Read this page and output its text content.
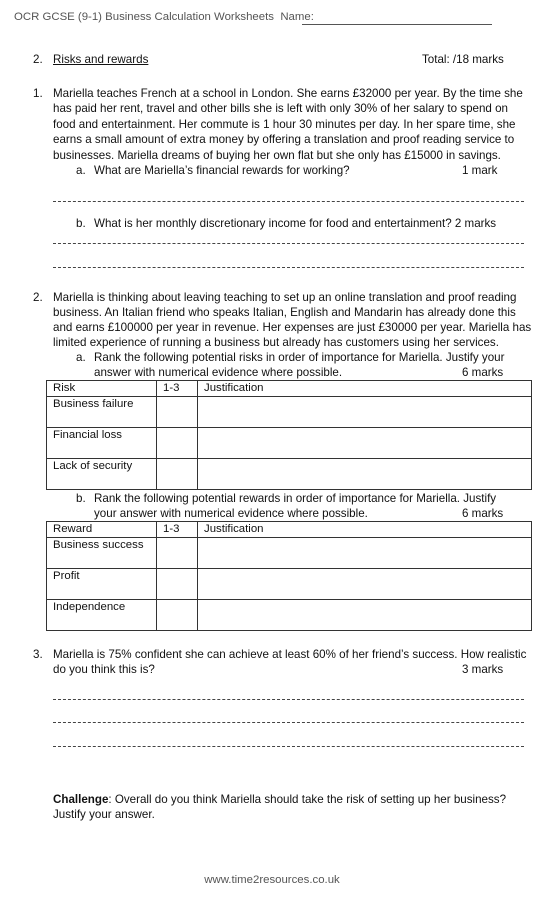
OCR GCSE (9-1) Business Calculation Worksheets Name:
2. Risks and rewards	Total: /18 marks
1. Mariella teaches French at a school in London. She earns £32000 per year. By the time she
has paid her rent, travel and other bills she is left with only 30% of her salary to spend on
food and entertainment. Her commute is 1 hour 30 minutes per day. In her spare time, she
earns a small amount of extra money by offering a translation and proof reading service to
businesses. Mariella dreams of buying her own flat but she only has £15000 in savings.
a. What are Mariella’s financial rewards for working?	1 mark
b. What is her monthly discretionary income for food and entertainment? 2 marks
2. Mariella is thinking about leaving teaching to set up an online translation and proof reading
business. An Italian friend who speaks Italian, English and Mandarin has already done this
and earns £100000 per year in revenue. Her expenses are just £30000 per year. Mariella has
limited experience of running a business but already has customers using her services.
a. Rank the following potential risks in order of importance for Mariella. Justify your
answer with numerical evidence where possible.	6 marks
Risk	1-3	Justification
Business failure		
Financial loss		
Lack of security		
b. Rank the following potential rewards in order of importance for Mariella. Justify
your answer with numerical evidence where possible.	6 marks
Reward	1-3	Justification
Business success		
Profit		
Independence		
3. Mariella is 75% confident she can achieve at least 60% of her friend’s success. How realistic
do you think this is?	3 marks
Challenge: Overall do you think Mariella should take the risk of setting up her business?
Justify your answer.
www.time2resources.co.uk
